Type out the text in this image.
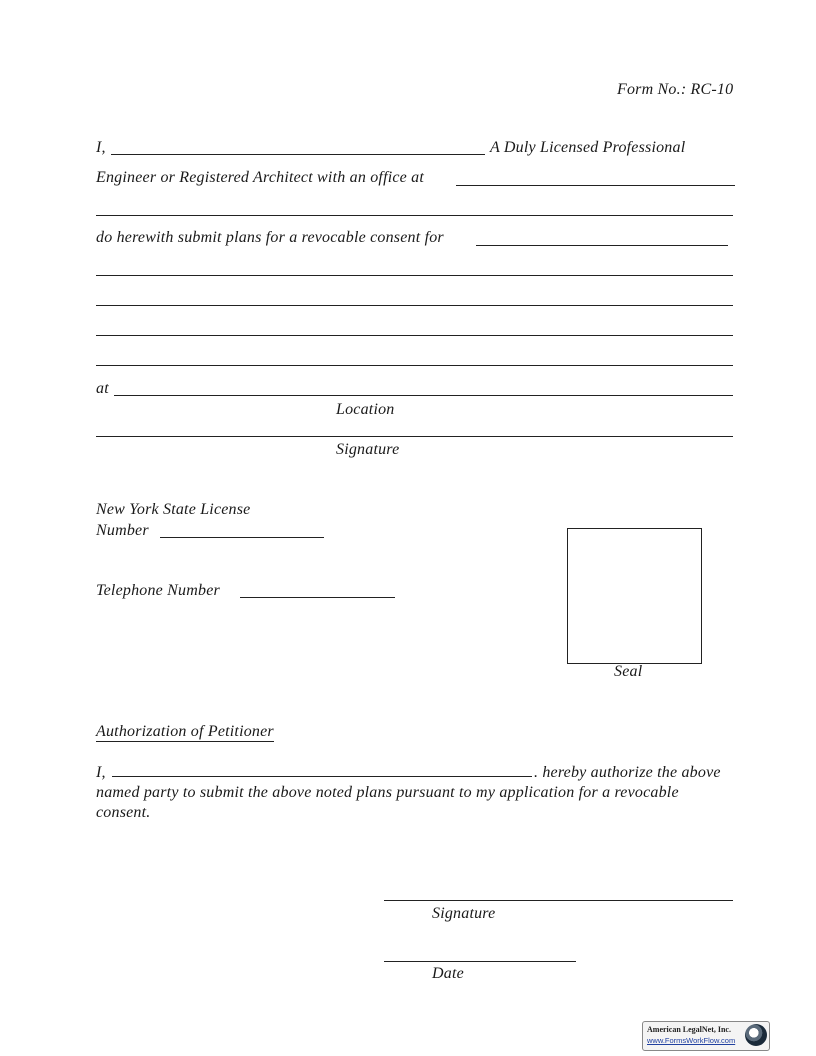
Form No.: RC-10
I,	A Duly Licensed Professional
Engineer or Registered Architect with an office at
do herewith submit plans for a revocable consent for
at
Location
Signature
New York State License
Number
Telephone Number
Seal
Authorization of Petitioner
I,	. hereby authorize the above named party to submit the above noted plans pursuant to my application for a revocable consent.
Signature
Date
American LegalNet, Inc.
www.FormsWorkFlow.com
